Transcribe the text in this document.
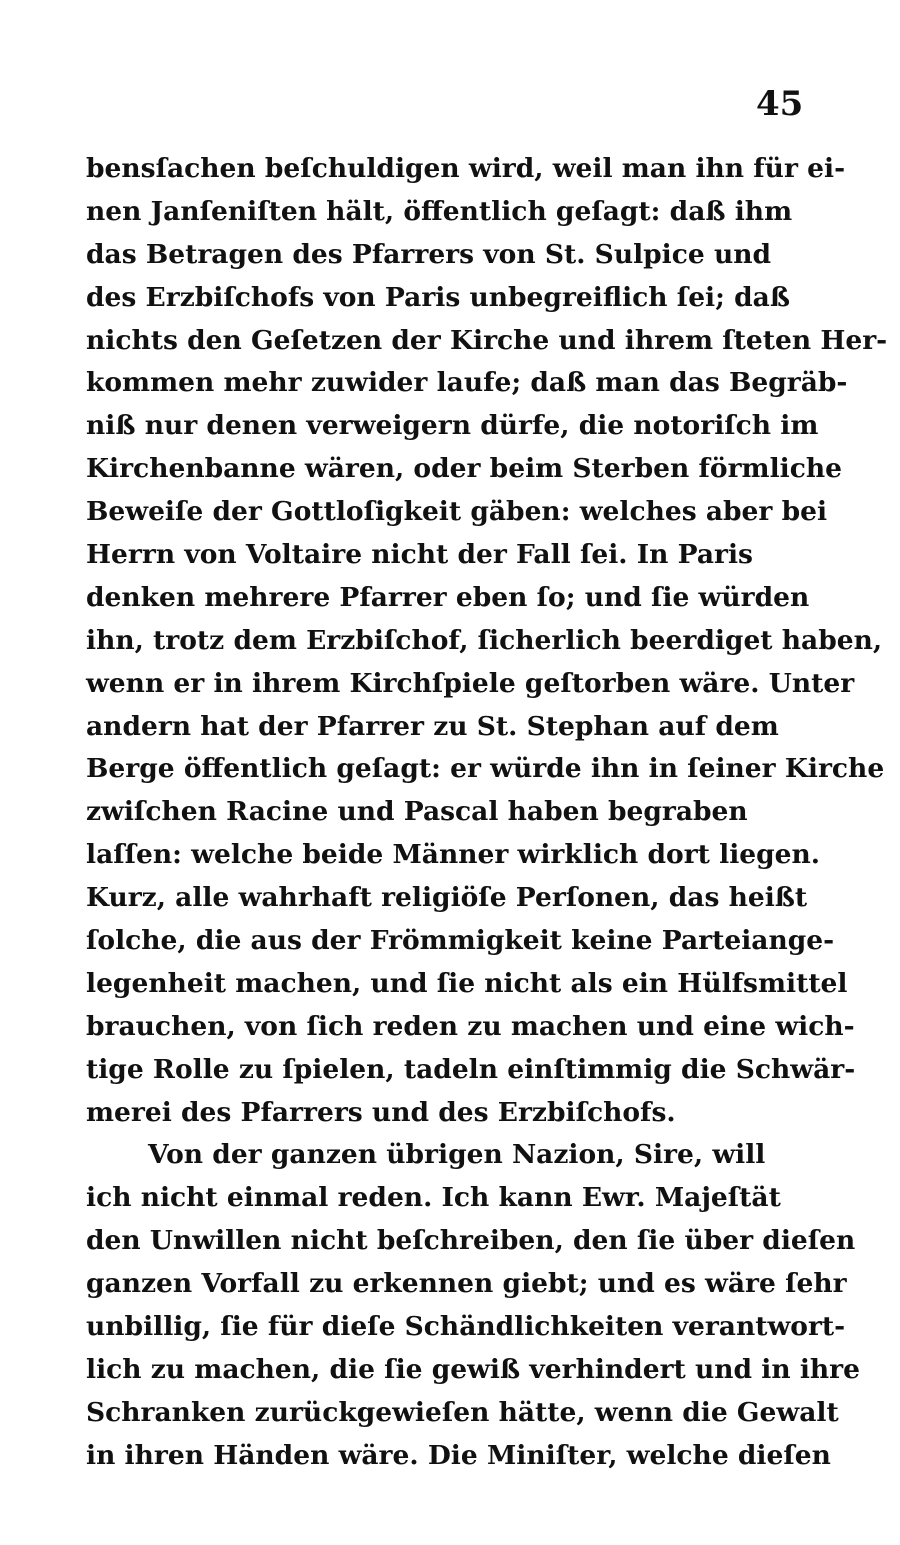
45
bensſachen beſchuldigen wird, weil man ihn für ei-
nen Janſeniſten hält, öffentlich geſagt: daß ihm
das Betragen des Pfarrers von St. Sulpice und
des Erzbiſchofs von Paris unbegreiflich ſei; daß
nichts den Geſetzen der Kirche und ihrem ſteten Her-
kommen mehr zuwider laufe; daß man das Begräb-
niß nur denen verweigern dürfe, die notoriſch im
Kirchenbanne wären, oder beim Sterben förmliche
Beweiſe der Gottloſigkeit gäben: welches aber bei
Herrn von Voltaire nicht der Fall ſei. In Paris
denken mehrere Pfarrer eben ſo; und ſie würden
ihn, trotz dem Erzbiſchof, ſicherlich beerdiget haben,
wenn er in ihrem Kirchſpiele geſtorben wäre. Unter
andern hat der Pfarrer zu St. Stephan auf dem
Berge öffentlich geſagt: er würde ihn in ſeiner Kirche
zwiſchen Racine und Pascal haben begraben
laſſen: welche beide Männer wirklich dort liegen.
Kurz, alle wahrhaft religiöſe Perſonen, das heißt
ſolche, die aus der Frömmigkeit keine Parteiange-
legenheit machen, und ſie nicht als ein Hülfsmittel
brauchen, von ſich reden zu machen und eine wich-
tige Rolle zu ſpielen, tadeln einſtimmig die Schwär-
merei des Pfarrers und des Erzbiſchofs.
Von der ganzen übrigen Nazion, Sire, will
ich nicht einmal reden. Ich kann Ewr. Majeſtät
den Unwillen nicht beſchreiben, den ſie über dieſen
ganzen Vorfall zu erkennen giebt; und es wäre ſehr
unbillig, ſie für dieſe Schändlichkeiten verantwort-
lich zu machen, die ſie gewiß verhindert und in ihre
Schranken zurückgewieſen hätte, wenn die Gewalt
in ihren Händen wäre. Die Miniſter, welche dieſen
